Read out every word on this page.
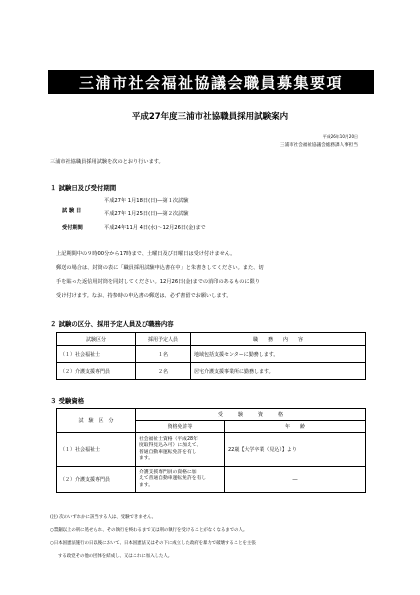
三浦市社会福祉協議会職員募集要項
平成27年度三浦市社協職員採用試験案内
平成26年10月20日
三浦市社会福祉協議会総務課人事担当
三浦市社協職員採用試験を次のとおり行います。
１ 試験日及び受付期間
試 験 日
平成27年 1月18日(日)―第１次試験
平成27年 1月25日(日)―第２次試験
受付期間	平成24年11月 4日(水)～12月26日(金)まで
上記期間中の９時00分から17時まで、土曜日及び日曜日は受け付けません。
郵送の場合は、封筒の表に「職員採用試験申込書在中」と朱書きしてください。また、切
手を貼った返信用封筒を同封してください。12月26日(金)までの消印のあるものに限り
受け付けます。なお、持参時の申込書の郵送は、必ず書留でお願いします。
２ 試験の区分、採用予定人員及び職務内容
試験区分	採用予定人員	職　　務　　内　　容
（１）社会福祉士	１名	地域包括支援センターに勤務します。
（２）介護支援専門員	２名	居宅介護支援事業所に勤務します。
３ 受験資格
試　験　区　分	受　　　験　　　資　　　格	
	資格免許等	年　　齢
（１）社会福祉士	社会福祉士資格（平成28年
度取得見込み可）に加えて、
普通自動車運転免許を有し
ます。	22歳【大学卒業（見込）】より
（２）介護支援専門員	介護支援専門員の資格に加
えて普通自動車運転免許を有し
ます。	―
(注) 次のいずれかに該当する人は、受験できません。
○禁錮以上の刑に処せられ、その執行を終わるまで又は刑の執行を受けることがなくなるまでの人。
○日本国憲法施行の日以後において、日本国憲法又はその下に成立した政府を暴力で破壊することを主張
する政党その他の団体を結成し、又はこれに加入した人。
